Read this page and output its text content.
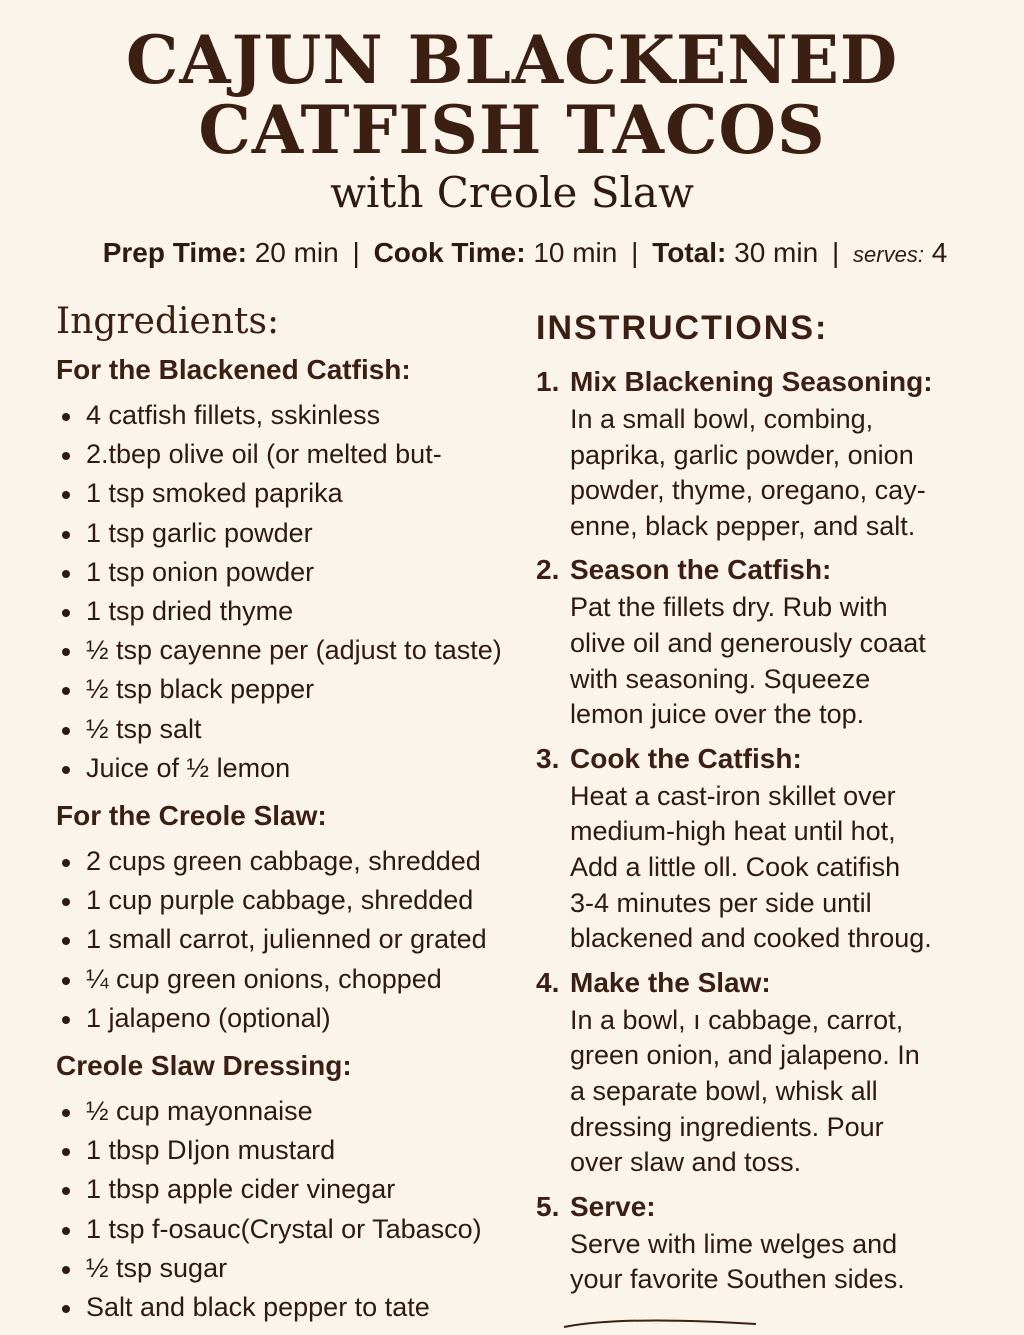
CAJUN BLACKENED
CATFISH TACOS
with Creole Slaw
Prep Time: 20 min | Cook Time: 10 min | Total: 30 min | serves: 4
Ingredients:
For the Blackened Catfish:
4 catfish fillets, sskinless
2.tbep olive oil (or melted but-
1 tsp smoked paprika
1 tsp garlic powder
1 tsp onion powder
1 tsp dried thyme
½ tsp cayenne per (adjust to taste)
½ tsp black pepper
½ tsp salt
Juice of ½ lemon
For the Creole Slaw:
2 cups green cabbage, shredded
1 cup purple cabbage, shredded
1 small carrot, julienned or grated
¼ cup green onions, chopped
1 jalapeno (optional)
Creole Slaw Dressing:
½ cup mayonnaise
1 tbsp DIjon mustard
1 tbsp apple cider vinegar
1 tsp f-osauc(Crystal or Tabasco)
½ tsp sugar
Salt and black pepper to tate
INSTRUCTIONS:
1. Mix Blackening Seasoning:
In a small bowl, combing,
paprika, garlic powder, onion
powder, thyme, oregano, cay-
enne, black pepper, and salt.
2. Season the Catfish:
Pat the fillets dry. Rub with
olive oil and generously coaat
with seasoning. Squeeze
lemon juice over the top.
3. Cook the Catfish:
Heat a cast-iron skillet over
medium-high heat until hot,
Add a little oll. Cook catifish
3-4 minutes per side until
blackened and cooked throug.
4. Make the Slaw:
In a bowl, ı cabbage, carrot,
green onion, and jalapeno. In
a separate bowl, whisk all
dressing ingredients. Pour
over slaw and toss.
5. Serve:
Serve with lime welges and
your favorite Southen sides.
